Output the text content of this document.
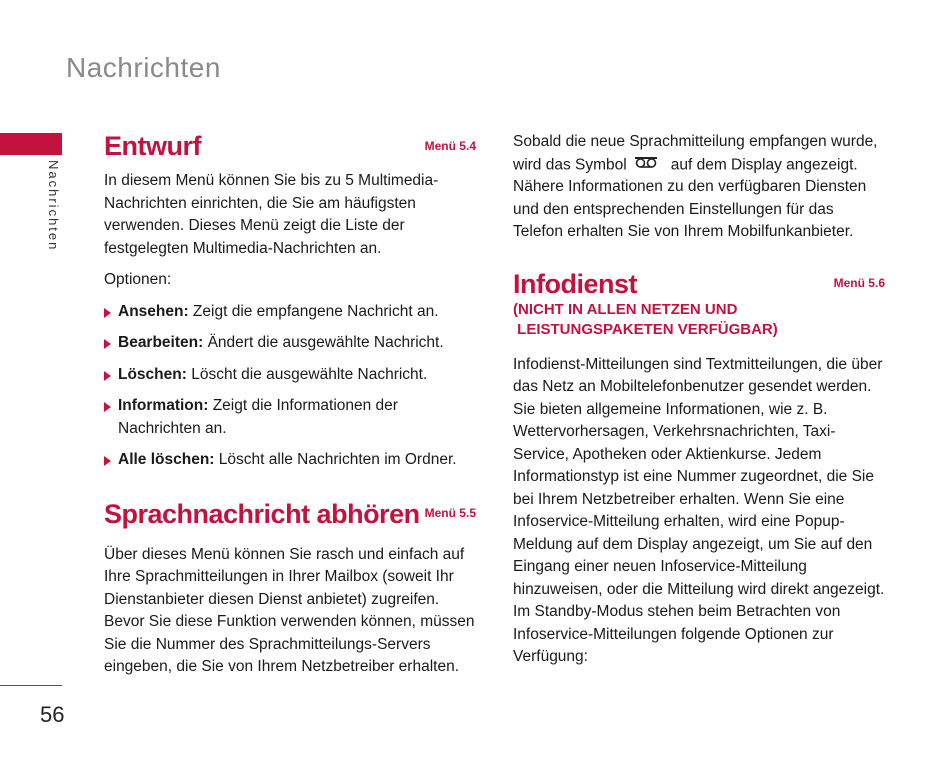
Nachrichten
Nachrichten
56
Entwurf	Menü 5.4

In diesem Menü können Sie bis zu 5 Multimedia-Nachrichten einrichten, die Sie am häufigsten verwenden. Dieses Menü zeigt die Liste der festgelegten Multimedia-Nachrichten an.

Optionen:

Ansehen: Zeigt die empfangene Nachricht an.
Bearbeiten: Ändert die ausgewählte Nachricht.
Löschen: Löscht die ausgewählte Nachricht.
Information: Zeigt die Informationen der Nachrichten an.
Alle löschen: Löscht alle Nachrichten im Ordner.
Sprachnachricht abhören Menü 5.5

Über dieses Menü können Sie rasch und einfach auf Ihre Sprachmitteilungen in Ihrer Mailbox (soweit Ihr Dienstanbieter diesen Dienst anbietet) zugreifen. Bevor Sie diese Funktion verwenden können, müssen Sie die Nummer des Sprachmitteilungs-Servers eingeben, die Sie von Ihrem Netzbetreiber erhalten.

Sobald die neue Sprachmitteilung empfangen wurde, wird das Symbol	auf dem Display angezeigt. Nähere Informationen zu den verfügbaren Diensten und den entsprechenden Einstellungen für das Telefon erhalten Sie von Ihrem Mobilfunkanbieter.

Infodienst	Menü 5.6
(NICHT IN ALLEN NETZEN UND
LEISTUNGSPAKETEN VERFÜGBAR)

Infodienst-Mitteilungen sind Textmitteilungen, die über das Netz an Mobiltelefonbenutzer gesendet werden. Sie bieten allgemeine Informationen, wie z. B. Wettervorhersagen, Verkehrsnachrichten, Taxi-Service, Apotheken oder Aktienkurse. Jedem Informationstyp ist eine Nummer zugeordnet, die Sie bei Ihrem Netzbetreiber erhalten. Wenn Sie eine Infoservice-Mitteilung erhalten, wird eine Popup-Meldung auf dem Display angezeigt, um Sie auf den Eingang einer neuen Infoservice-Mitteilung hinzuweisen, oder die Mitteilung wird direkt angezeigt. Im Standby-Modus stehen beim Betrachten von Infoservice-Mitteilungen folgende Optionen zur Verfügung:
